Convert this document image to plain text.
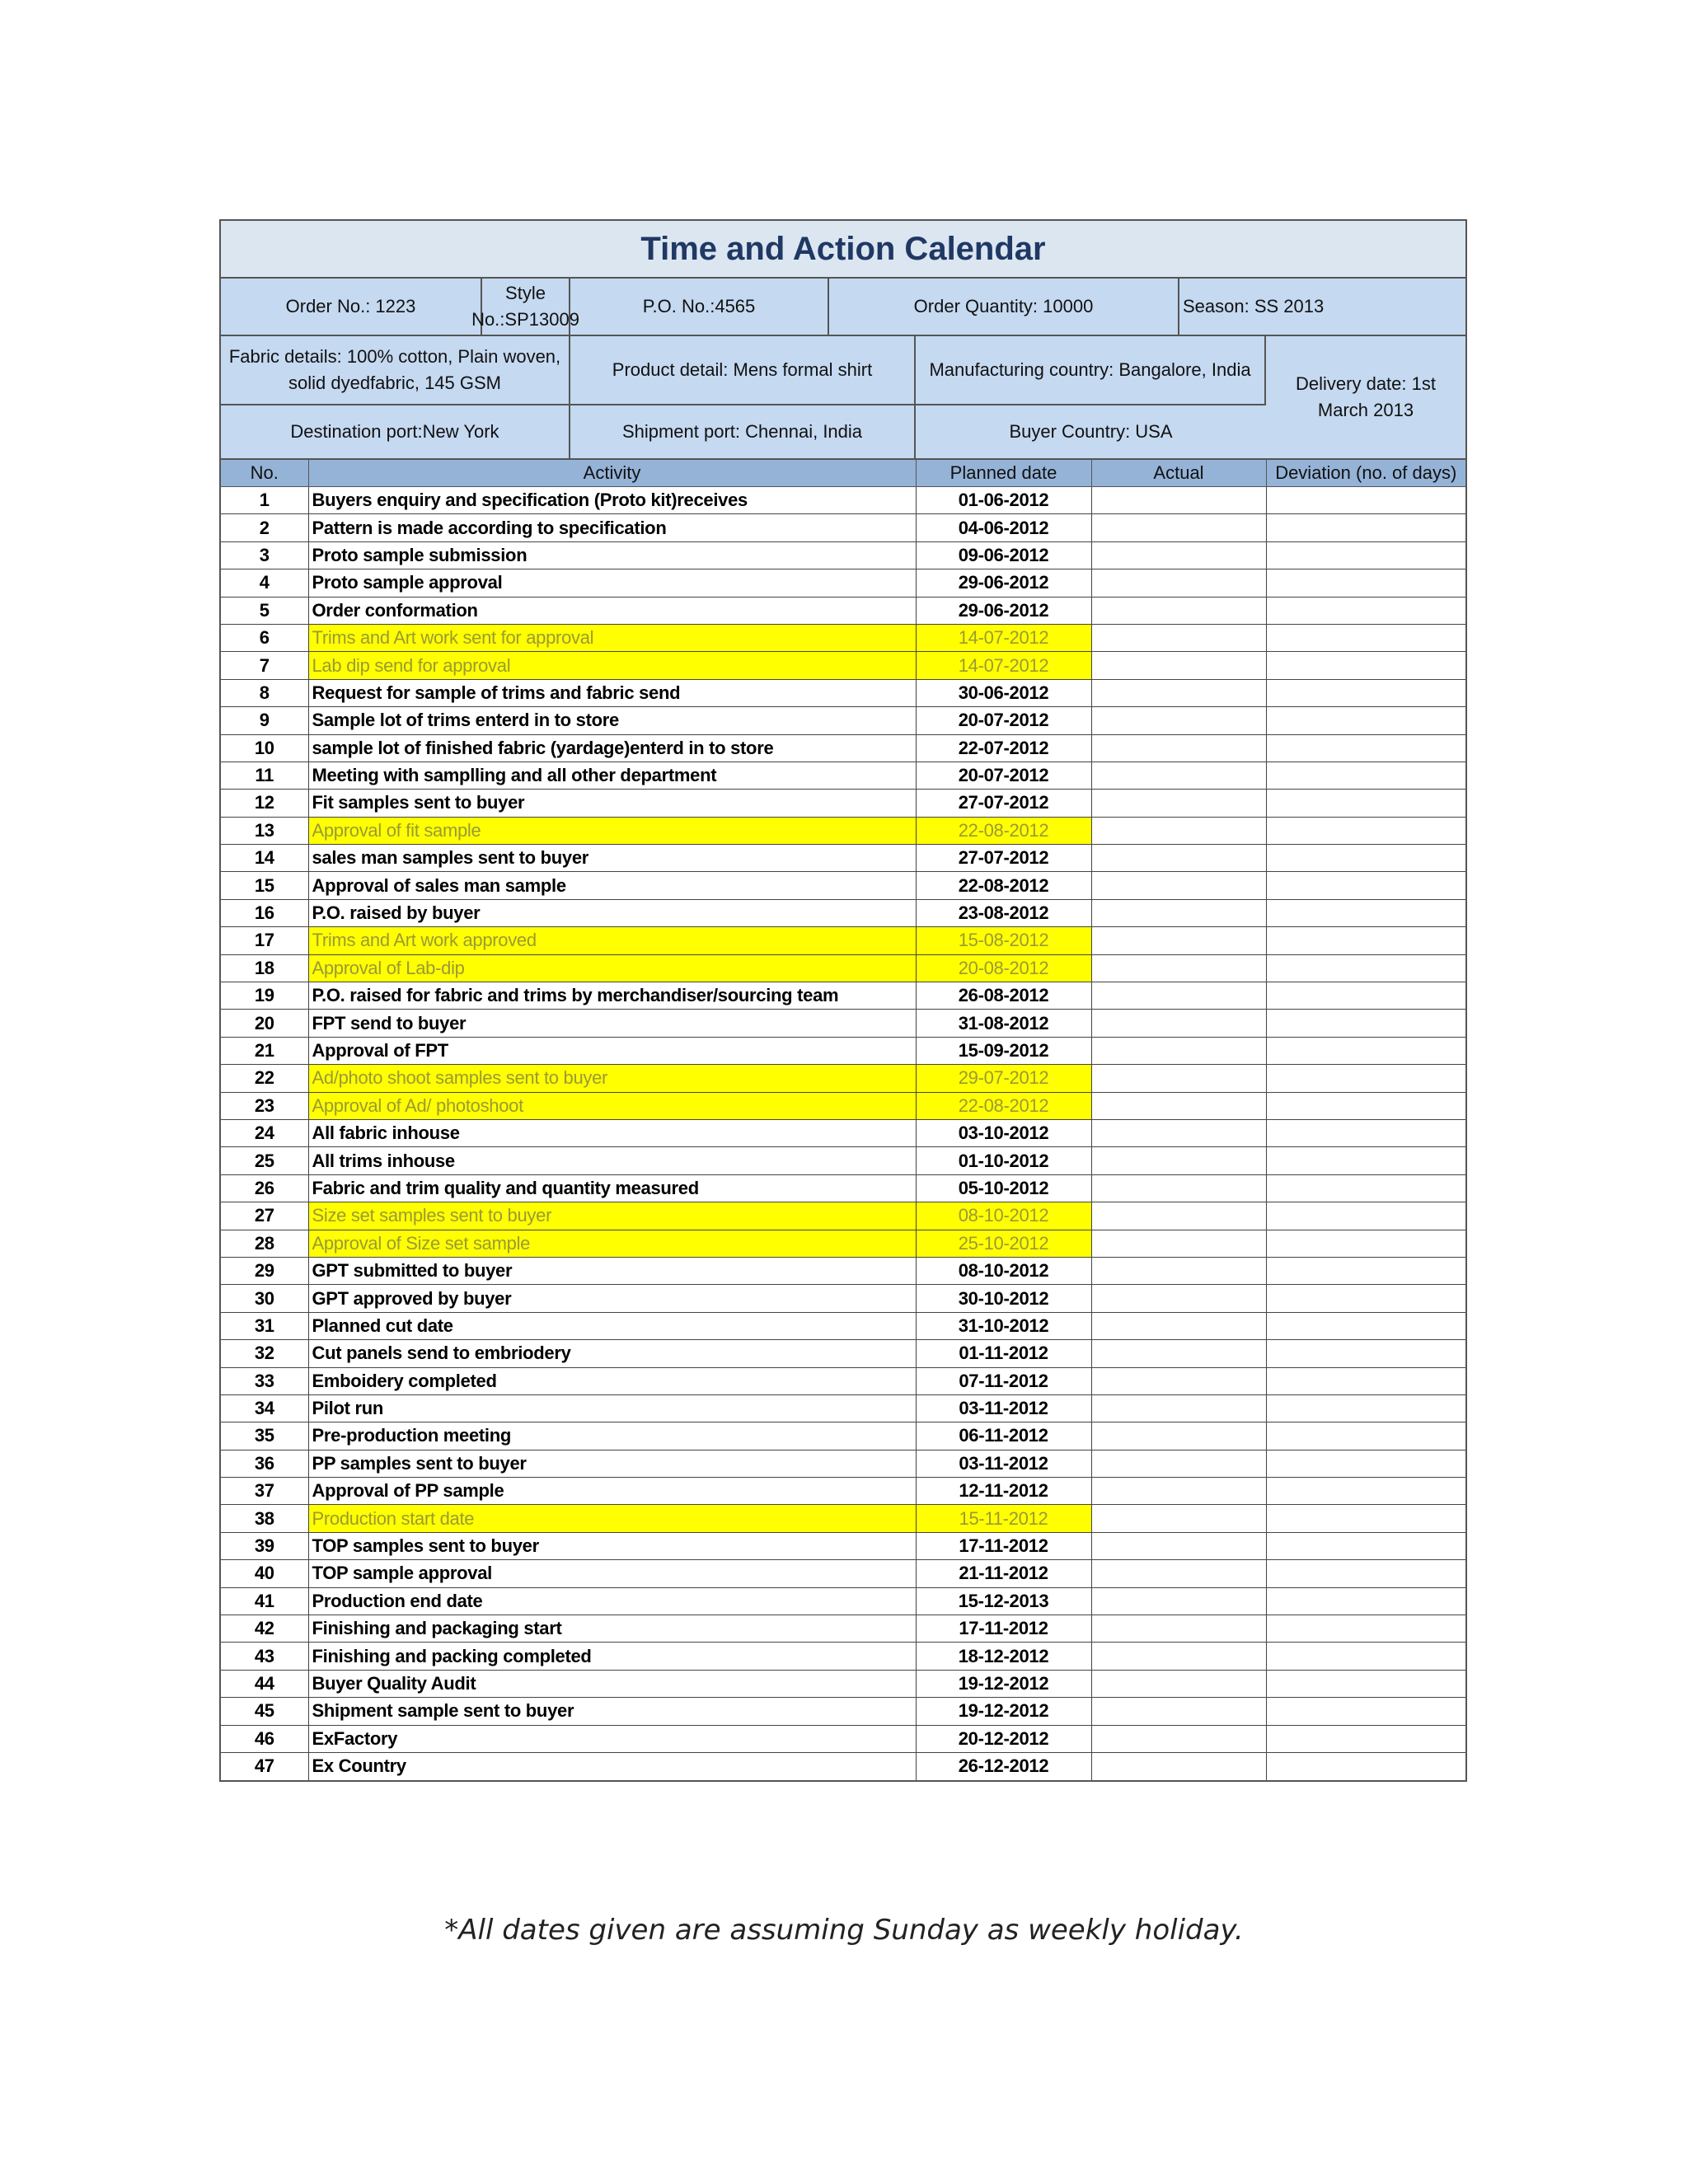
Time and Action Calendar
Order No.: 1223
Style No.:SP13009
P.O. No.:4565	Order Quantity: 10000	Season: SS 2013
Fabric details: 100% cotton, Plain woven, solid dyedfabric, 145 GSM
Product detail: Mens formal shirt	Manufacturing country: Bangalore, India
Delivery date: 1st March 2013
Destination port:New York	Shipment port: Chennai, India	Buyer Country: USA
No.	Activity	Planned date	Actual	Deviation (no. of days)
1	Buyers enquiry and specification (Proto kit)receives	01-06-2012		
2	Pattern is made according to specification	04-06-2012		
3	Proto sample submission	09-06-2012		
4	Proto sample approval	29-06-2012		
5	Order conformation	29-06-2012		
6	Trims and Art work sent for approval	14-07-2012		
7	Lab dip send for approval	14-07-2012		
8	Request for sample of trims and fabric send	30-06-2012		
9	Sample lot of trims enterd in to store	20-07-2012		
10	sample lot of finished fabric (yardage)enterd in to store	22-07-2012		
11	Meeting with samplling and all other department	20-07-2012		
12	Fit samples sent to buyer	27-07-2012		
13	Approval of fit sample	22-08-2012		
14	sales man samples sent to buyer	27-07-2012		
15	Approval of sales man sample	22-08-2012		
16	P.O. raised by buyer	23-08-2012		
17	Trims and Art work approved	15-08-2012		
18	Approval of Lab-dip	20-08-2012		
19	P.O. raised for fabric and trims by merchandiser/sourcing team	26-08-2012		
20	FPT send to buyer	31-08-2012		
21	Approval of FPT	15-09-2012		
22	Ad/photo shoot samples sent to buyer	29-07-2012		
23	Approval of Ad/ photoshoot	22-08-2012		
24	All fabric inhouse	03-10-2012		
25	All trims inhouse	01-10-2012		
26	Fabric and trim quality and quantity measured	05-10-2012		
27	Size set samples sent to buyer	08-10-2012		
28	Approval of Size set sample	25-10-2012		
29	GPT submitted to buyer	08-10-2012		
30	GPT approved by buyer	30-10-2012		
31	Planned cut date	31-10-2012		
32	Cut panels send to embriodery	01-11-2012		
33	Emboidery completed	07-11-2012		
34	Pilot run	03-11-2012		
35	Pre-production meeting	06-11-2012		
36	PP samples sent to buyer	03-11-2012		
37	Approval of PP sample	12-11-2012		
38	Production start date	15-11-2012		
39	TOP samples sent to buyer	17-11-2012		
40	TOP sample approval	21-11-2012		
41	Production end date	15-12-2013		
42	Finishing and packaging start	17-11-2012		
43	Finishing and packing completed	18-12-2012		
44	Buyer Quality Audit	19-12-2012		
45	Shipment sample sent to buyer	19-12-2012		
46	ExFactory	20-12-2012		
47	Ex Country	26-12-2012		
*All dates given are assuming Sunday as weekly holiday.
